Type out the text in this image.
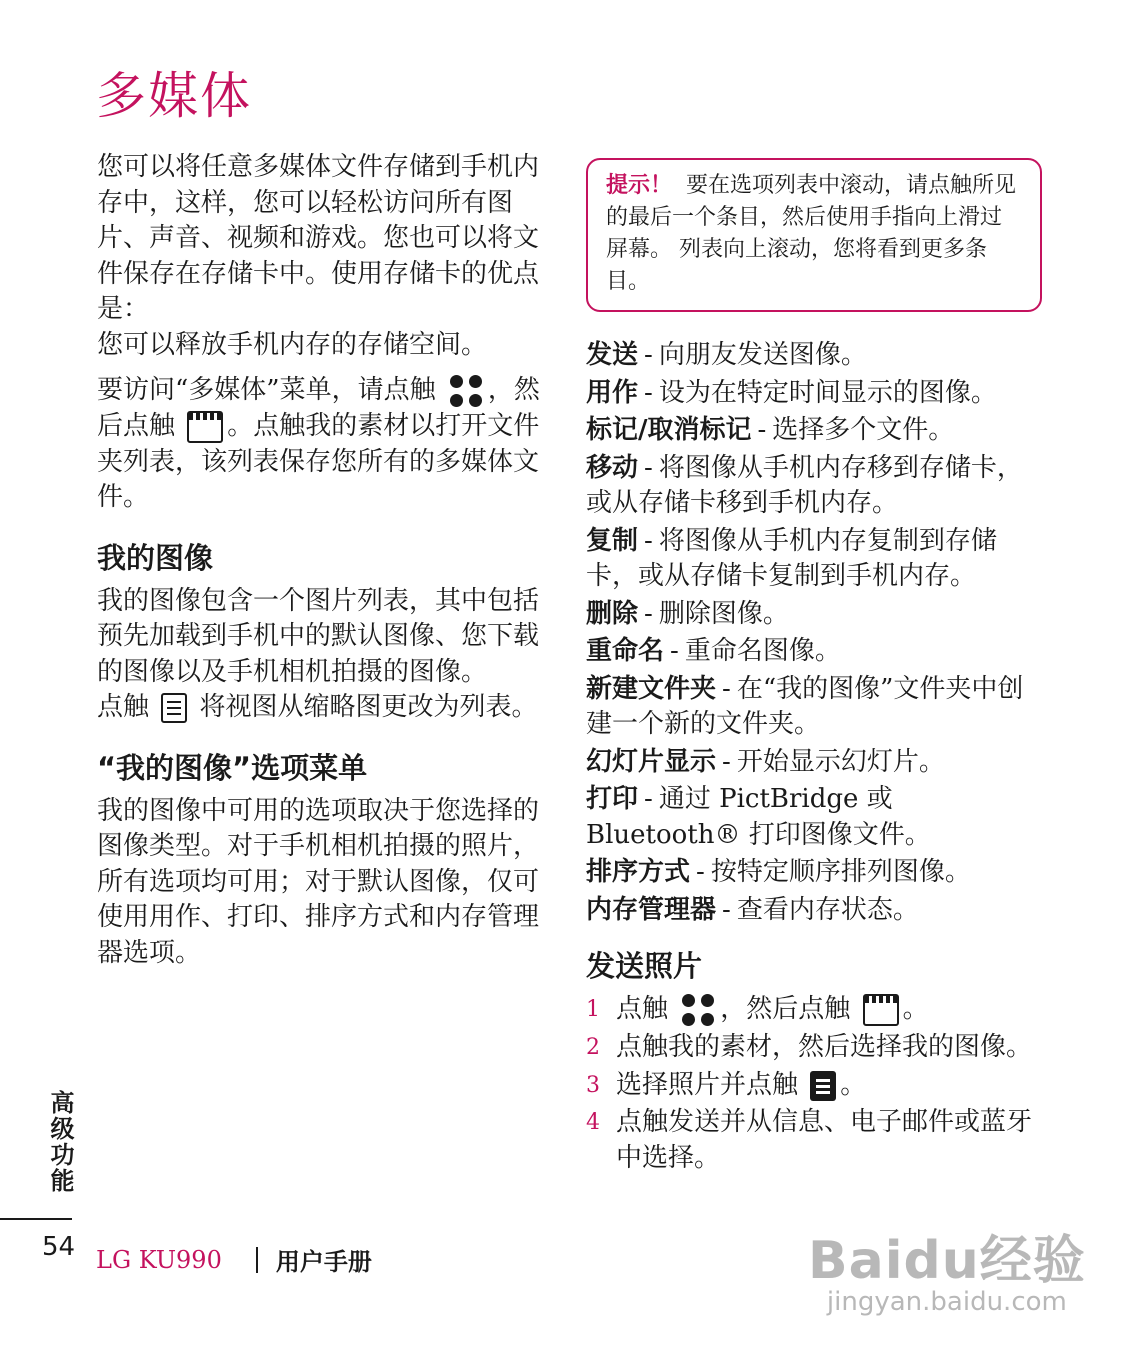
多媒体

您可以将任意多媒体文件存储到手机内存中，这样，您可以轻松访问所有图片、声音、视频和游戏。您也可以将文件保存在存储卡中。使用存储卡的优点是：

您可以释放手机内存的存储空间。

要访问“多媒体”菜单，请点触 ，然后点触 。点触我的素材以打开文件夹列表，该列表保存您所有的多媒体文件。

我的图像

我的图像包含一个图片列表，其中包括预先加载到手机中的默认图像、您下载的图像以及手机相机拍摄的图像。

点触 将视图从缩略图更改为列表。

“我的图像”选项菜单

我的图像中可用的选项取决于您选择的图像类型。对于手机相机拍摄的照片，所有选项均可用；对于默认图像，仅可使用用作、打印、排序方式和内存管理器选项。

提示！ 要在选项列表中滚动，请点触所见的最后一个条目，然后使用手指向上滑过屏幕。 列表向上滚动，您将看到更多条目。

发送 - 向朋友发送图像。

用作 - 设为在特定时间显示的图像。

标记/取消标记 - 选择多个文件。

移动 - 将图像从手机内存移到存储卡，或从存储卡移到手机内存。

复制 - 将图像从手机内存复制到存储卡，或从存储卡复制到手机内存。

删除 - 删除图像。

重命名 - 重命名图像。

新建文件夹 - 在“我的图像”文件夹中创建一个新的文件夹。

幻灯片显示 - 开始显示幻灯片。

打印 - 通过 PictBridge 或 Bluetooth® 打印图像文件。

排序方式 - 按特定顺序排列图像。

内存管理器 - 查看内存状态。

发送照片
1 点触 ，然后点触 。
2 点触我的素材，然后选择我的图像。
3 选择照片并点触 。
4 点触发送并从信息、电子邮件或蓝牙中选择。
高级功能
54 LG KU990 用户手册	Baidu经验
jingyan.baidu.com
